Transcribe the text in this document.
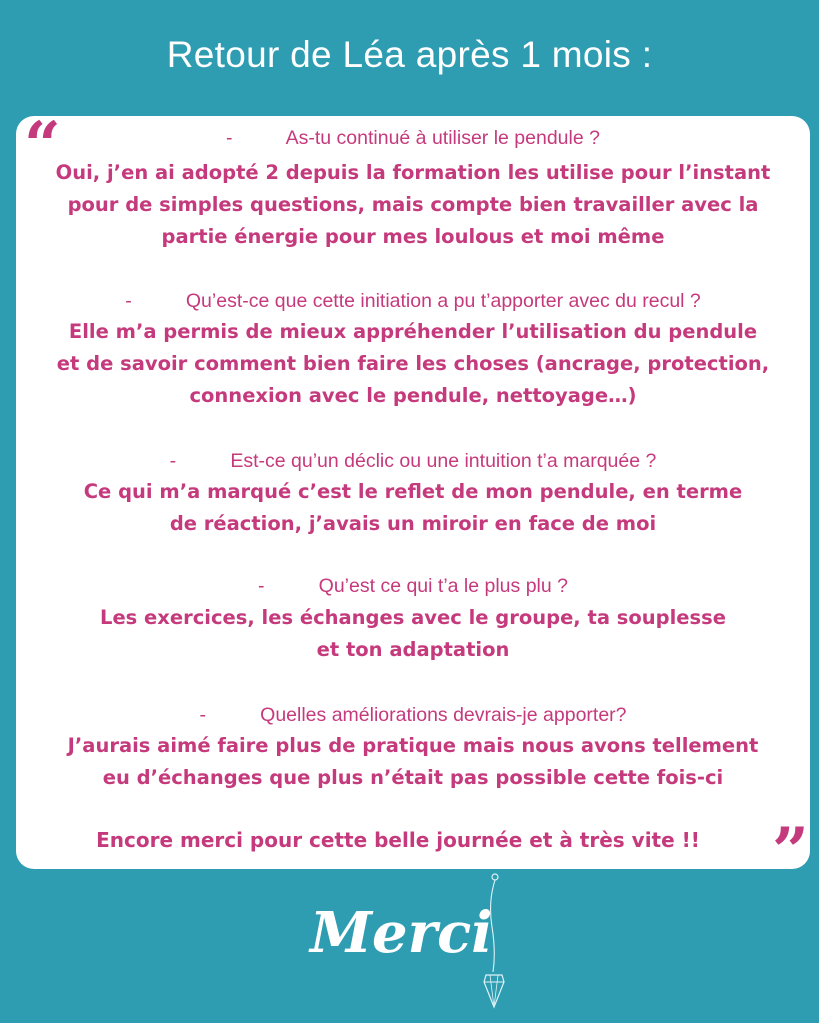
Retour de Léa après 1 mois :
“	-          As-tu continué à utiliser le pendule ?
Oui, j’en ai adopté 2 depuis la formation les utilise pour l’instant
pour de simples questions, mais compte bien travailler avec la
partie énergie pour mes loulous et moi même
-          Qu’est-ce que cette initiation a pu t’apporter avec du recul ?
Elle m’a permis de mieux appréhender l’utilisation du pendule
et de savoir comment bien faire les choses (ancrage, protection,
connexion avec le pendule, nettoyage…)
-          Est-ce qu’un déclic ou une intuition t’a marquée ?
Ce qui m’a marqué c’est le reflet de mon pendule, en terme
de réaction, j’avais un miroir en face de moi
-          Qu’est ce qui t’a le plus plu ?
Les exercices, les échanges avec le groupe, ta souplesse
et ton adaptation
-          Quelles améliorations devrais-je apporter?
J’aurais aimé faire plus de pratique mais nous avons tellement
eu d’échanges que plus n’était pas possible cette fois-ci
Encore merci pour cette belle journée et à très vite !!	”
Merci
